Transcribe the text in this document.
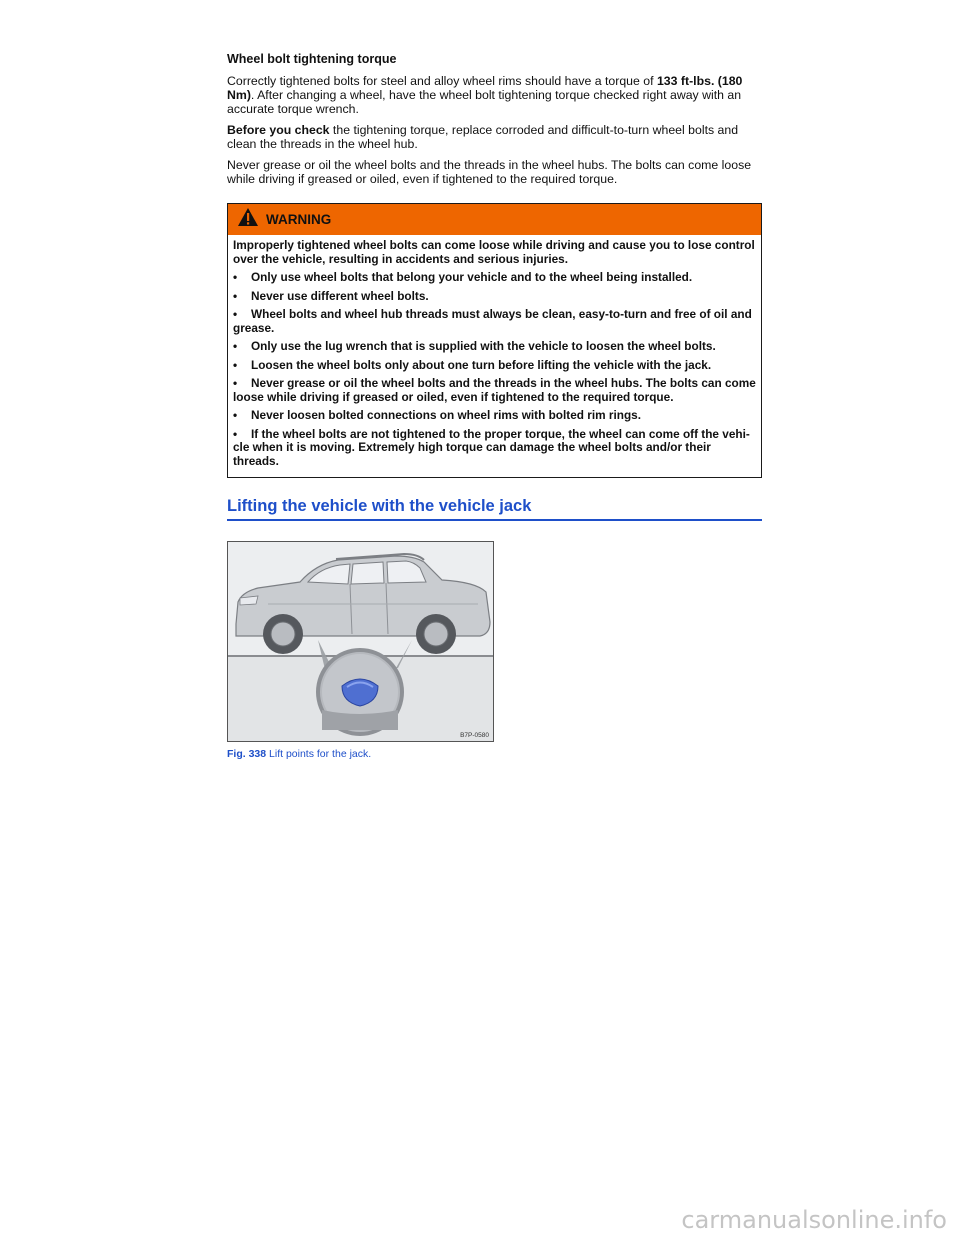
Wheel bolt tightening torque

Correctly tightened bolts for steel and alloy wheel rims should have a torque of 133 ft-lbs. (180 Nm). After changing a wheel, have the wheel bolt tightening torque checked right away with an accurate torque wrench.

Before you check the tightening torque, replace corroded and difficult-to-turn wheel bolts and clean the threads in the wheel hub.

Never grease or oil the wheel bolts and the threads in the wheel hubs. The bolts can come loose while driving if greased or oiled, even if tightened to the required torque.

WARNING
Improperly tightened wheel bolts can come loose while driving and cause you to lose control over the vehicle, resulting in accidents and serious injuries.
• Only use wheel bolts that belong your vehicle and to the wheel being installed.
• Never use different wheel bolts.
• Wheel bolts and wheel hub threads must always be clean, easy-to-turn and free of oil and grease.
• Only use the lug wrench that is supplied with the vehicle to loosen the wheel bolts.
• Loosen the wheel bolts only about one turn before lifting the vehicle with the jack.
• Never grease or oil the wheel bolts and the threads in the wheel hubs. The bolts can come loose while driving if greased or oiled, even if tightened to the required torque.
• Never loosen bolted connections on wheel rims with bolted rim rings.
• If the wheel bolts are not tightened to the proper torque, the wheel can come off the vehi-cle when it is moving. Extremely high torque can damage the wheel bolts and/or their threads.
Lifting the vehicle with the vehicle jack
B7P-0580
Fig. 338 Lift points for the jack.
carmanualsonline.info
